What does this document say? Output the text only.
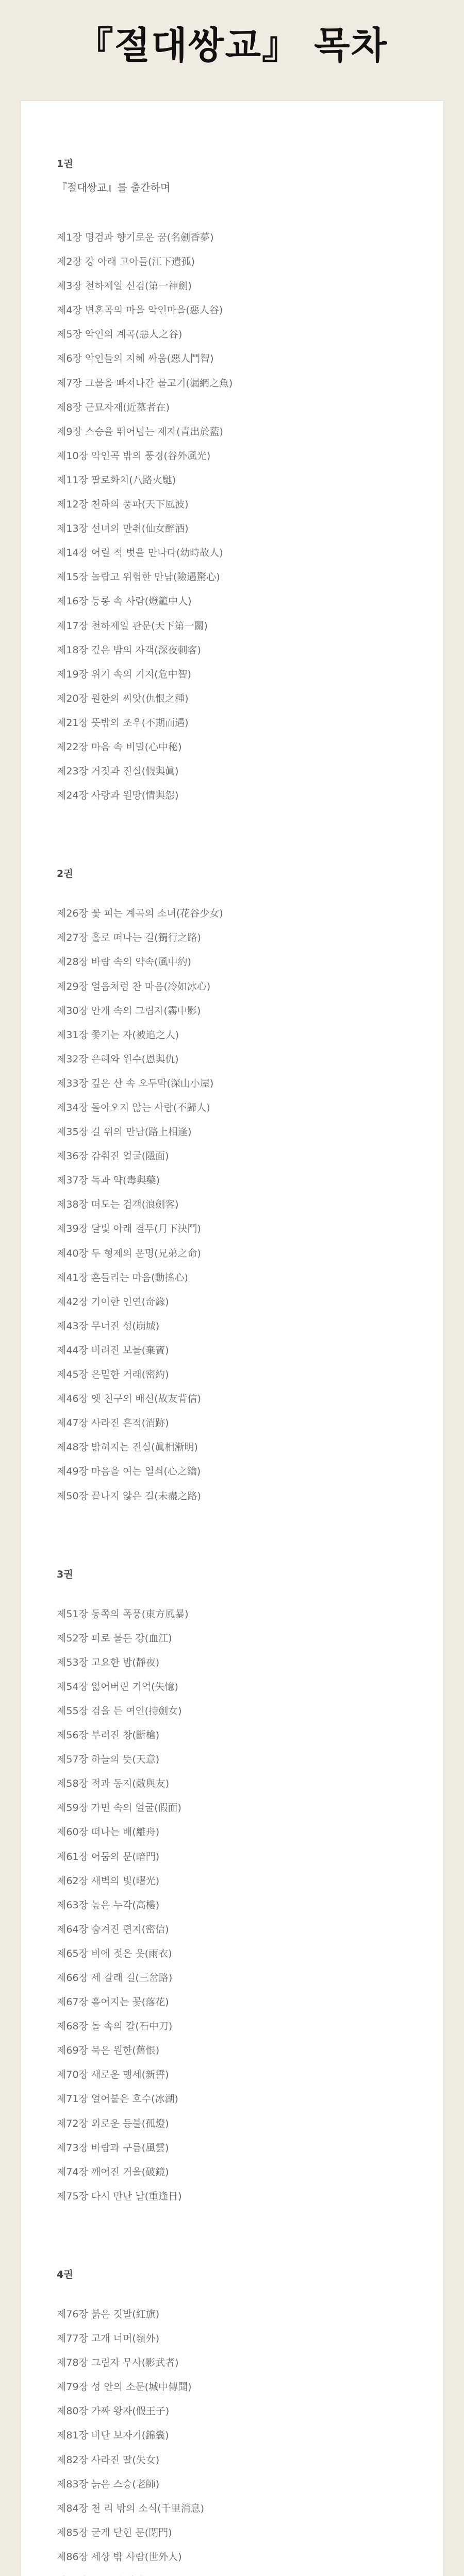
『절대쌍교』 목차
1권

『절대쌍교』를 출간하며

제1장 명검과 향기로운 꿈(名劍香夢)
제2장 강 아래 고아들(江下遺孤)
제3장 천하제일 신검(第一神劍)
제4장 변혼곡의 마을 악인마을(惡人谷)
제5장 악인의 계곡(惡人之谷)
제6장 악인들의 지혜 싸움(惡人鬥智)
제7장 그물을 빠져나간 물고기(漏網之魚)
제8장 근묘자재(近墓者在)
제9장 스승을 뛰어넘는 제자(青出於藍)
제10장 악인곡 밖의 풍경(谷外風光)
제11장 팔로화치(八路火馳)
제12장 천하의 풍파(天下風波)
제13장 선녀의 만취(仙女醉酒)
제14장 어릴 적 벗을 만나다(幼時故人)
제15장 놀랍고 위험한 만남(險遇驚心)
제16장 등롱 속 사람(燈籠中人)
제17장 천하제일 관문(天下第一關)
제18장 깊은 밤의 자객(深夜刺客)
제19장 위기 속의 기지(危中智)
제20장 원한의 씨앗(仇恨之種)
제21장 뜻밖의 조우(不期而遇)
제22장 마음 속 비밀(心中秘)
제23장 거짓과 진실(假與眞)
제24장 사랑과 원망(情與怨)
2권
제26장 꽃 피는 계곡의 소녀(花谷少女)
제27장 홀로 떠나는 길(獨行之路)
제28장 바람 속의 약속(風中約)
제29장 얼음처럼 찬 마음(冷如冰心)
제30장 안개 속의 그림자(霧中影)
제31장 쫓기는 자(被追之人)
제32장 은혜와 원수(恩與仇)
제33장 깊은 산 속 오두막(深山小屋)
제34장 돌아오지 않는 사람(不歸人)
제35장 길 위의 만남(路上相逢)
제36장 감춰진 얼굴(隱面)
제37장 독과 약(毒與藥)
제38장 떠도는 검객(浪劍客)
제39장 달빛 아래 결투(月下決鬥)
제40장 두 형제의 운명(兄弟之命)
제41장 흔들리는 마음(動搖心)
제42장 기이한 인연(奇緣)
제43장 무너진 성(崩城)
제44장 버려진 보물(棄寶)
제45장 은밀한 거래(密約)
제46장 옛 친구의 배신(故友背信)
제47장 사라진 흔적(消跡)
제48장 밝혀지는 진실(眞相漸明)
제49장 마음을 여는 열쇠(心之鑰)
제50장 끝나지 않은 길(未盡之路)
3권
제51장 동쪽의 폭풍(東方風暴)
제52장 피로 물든 강(血江)
제53장 고요한 밤(靜夜)
제54장 잃어버린 기억(失憶)
제55장 검을 든 여인(持劍女)
제56장 부러진 창(斷槍)
제57장 하늘의 뜻(天意)
제58장 적과 동지(敵與友)
제59장 가면 속의 얼굴(假面)
제60장 떠나는 배(離舟)
제61장 어둠의 문(暗門)
제62장 새벽의 빛(曙光)
제63장 높은 누각(高樓)
제64장 숨겨진 편지(密信)
제65장 비에 젖은 옷(雨衣)
제66장 세 갈래 길(三岔路)
제67장 흩어지는 꽃(落花)
제68장 돌 속의 칼(石中刀)
제69장 묵은 원한(舊恨)
제70장 새로운 맹세(新誓)
제71장 얼어붙은 호수(冰湖)
제72장 외로운 등불(孤燈)
제73장 바람과 구름(風雲)
제74장 깨어진 거울(破鏡)
제75장 다시 만난 날(重逢日)
4권
제76장 붉은 깃발(紅旗)
제77장 고개 너머(嶺外)
제78장 그림자 무사(影武者)
제79장 성 안의 소문(城中傳聞)
제80장 가짜 왕자(假王子)
제81장 비단 보자기(錦囊)
제82장 사라진 딸(失女)
제83장 늙은 스승(老師)
제84장 천 리 밖의 소식(千里消息)
제85장 굳게 닫힌 문(閉門)
제86장 세상 밖 사람(世外人)
